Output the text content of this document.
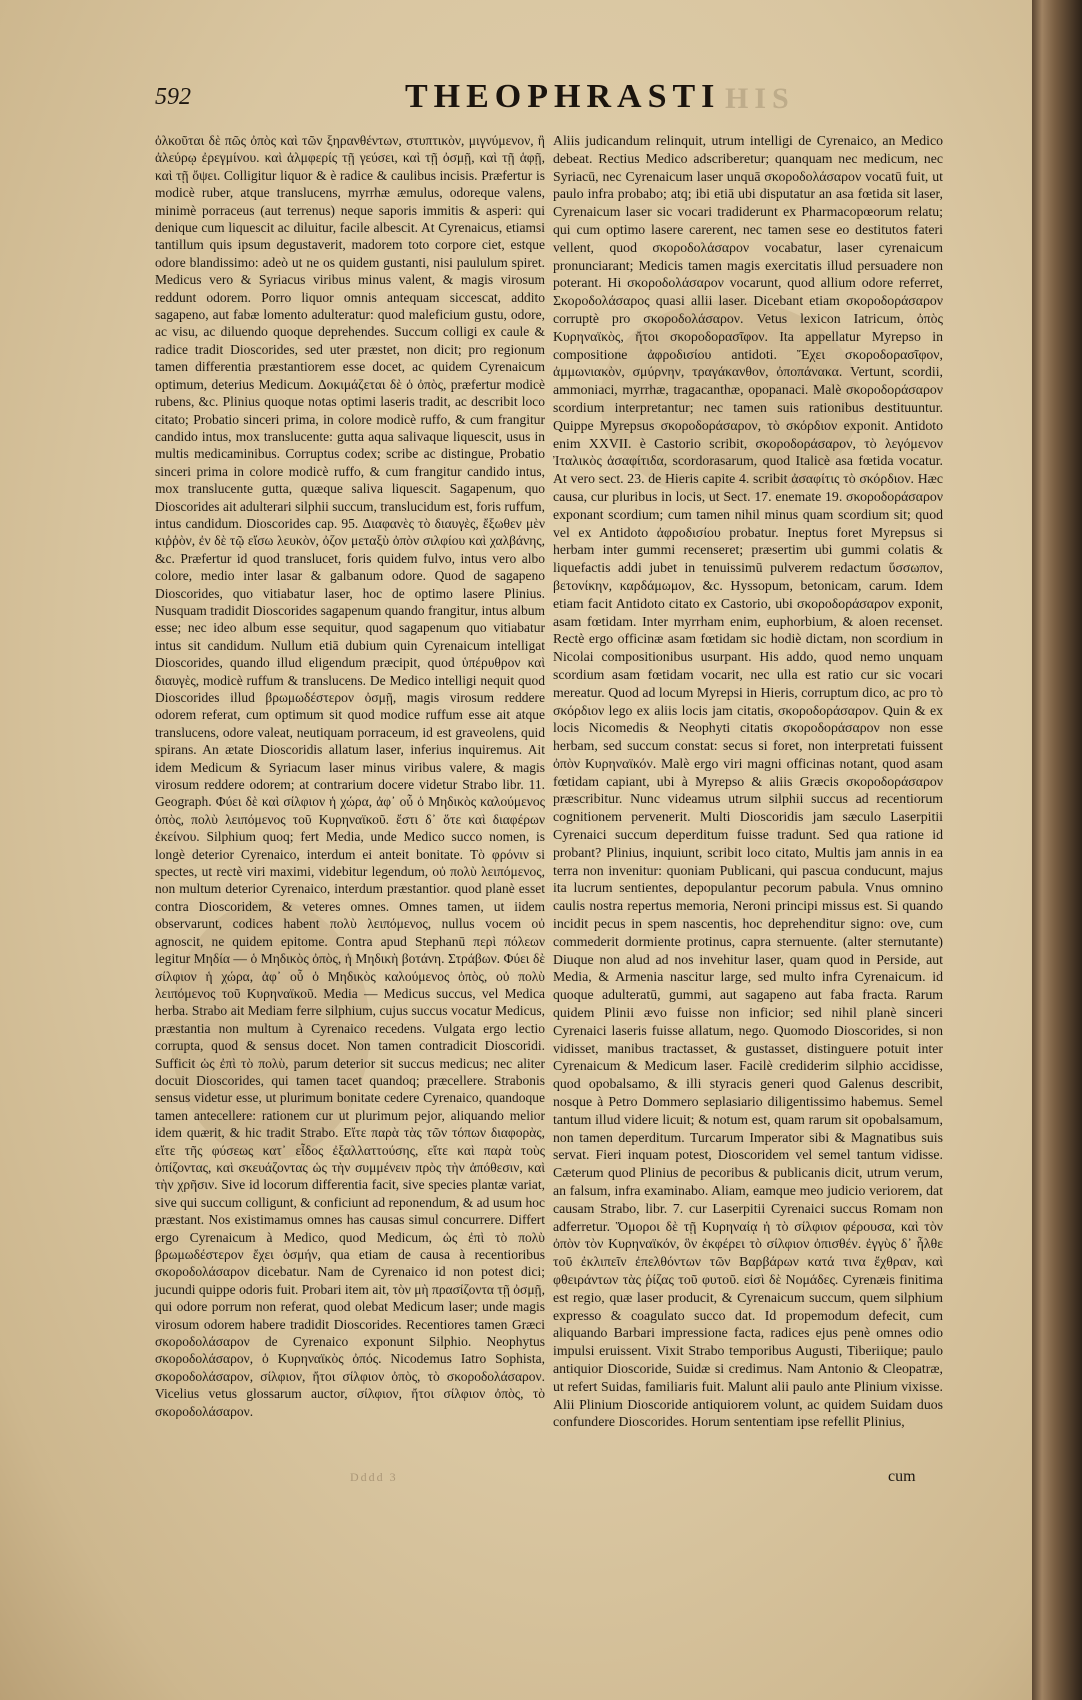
592	THEOPHRASTI HIS
ὀλκοῦται δὲ πῶς ὀπὸς καὶ τῶν ξηρανθέντων, στυπτικὸν, μιγνύμενον, ἢ ἀλεύρῳ ἐρεγμίνου. καὶ ἀλμφερίς τῇ γεύσει, καὶ τῇ ὀσμῇ, καὶ τῇ ἁφῇ, καὶ τῇ ὄψει. Colligitur liquor & è radice & caulibus incisis. Præfertur is modicè ruber, atque translucens, myrrhæ æmulus, odoreque valens, minimè porraceus (aut terrenus) neque saporis immitis & asperi: qui denique cum liquescit ac diluitur, facile albescit. At Cyrenaicus, etiamsi tantillum quis ipsum degustaverit, madorem toto corpore ciet, estque odore blandissimo: adeò ut ne os quidem gustanti, nisi paululum spiret. Medicus vero & Syriacus viribus minus valent, & magis virosum reddunt odorem. Porro liquor omnis antequam siccescat, addito sagapeno, aut fabæ lomento adulteratur: quod maleficium gustu, odore, ac visu, ac diluendo quoque deprehendes. Succum colligi ex caule & radice tradit Dioscorides, sed uter præstet, non dicit; pro regionum tamen differentia præstantiorem esse docet, ac quidem Cyrenaicum optimum, deterius Medicum. Δοκιμάζεται δὲ ὁ ὀπὸς, præfertur modicè rubens, &c. Plinius quoque notas optimi laseris tradit, ac describit loco citato; Probatio sinceri prima, in colore modicè ruffo, & cum frangitur candido intus, mox translucente: gutta aqua salivaque liquescit, usus in multis medicaminibus. Corruptus codex; scribe ac distingue, Probatio sinceri prima in colore modicè ruffo, & cum frangitur candido intus, mox translucente gutta, quæque saliva liquescit. Sagapenum, quo Dioscorides ait adulterari silphii succum, translucidum est, foris ruffum, intus candidum. Dioscorides cap. 95. Διαφανὲς τὸ διαυγὲς, ἔξωθεν μὲν κιῤῥὸν, ἐν δὲ τῷ εἴσω λευκὸν, ὀζον μεταξὺ ὀπὸν σιλφίου καὶ χαλβάνης, &c. Præfertur id quod translucet, foris quidem fulvo, intus vero albo colore, medio inter lasar & galbanum odore. Quod de sagapeno Dioscorides, quo vitiabatur laser, hoc de optimo lasere Plinius. Nusquam tradidit Dioscorides sagapenum quando frangitur, intus album esse; nec ideo album esse sequitur, quod sagapenum quo vitiabatur intus sit candidum. Nullum etiā dubium quin Cyrenaicum intelligat Dioscorides, quando illud eligendum præcipit, quod ὑπέρυθρον καὶ διαυγὲς, modicè ruffum & translucens. De Medico intelligi nequit quod Dioscorides illud βρωμωδέστερον ὀσμῇ, magis virosum reddere odorem referat, cum optimum sit quod modice ruffum esse ait atque translucens, odore valeat, neutiquam porraceum, id est graveolens, quid spirans. An ætate Dioscoridis allatum laser, inferius inquiremus. Ait idem Medicum & Syriacum laser minus viribus valere, & magis virosum reddere odorem; at contrarium docere videtur Strabo libr. 11. Geograph. Φύει δὲ καὶ σίλφιον ἡ χώρα, ἀφ᾽ οὗ ὁ Μηδικὸς καλούμενος ὀπὸς, πολὺ λειπόμενος τοῦ Κυρηναϊκοῦ. ἔστι δ᾽ ὅτε καὶ διαφέρων ἐκείνου. Silphium quoq; fert Media, unde Medico succo nomen, is longè deterior Cyrenaico, interdum ei anteit bonitate. Τὸ φρόνιν si spectes, ut rectè viri maximi, videbitur legendum, οὐ πολὺ λειπόμενος, non multum deterior Cyrenaico, interdum præstantior. quod planè esset contra Dioscoridem, & veteres omnes. Omnes tamen, ut iidem observarunt, codices habent πολὺ λειπόμενος, nullus vocem οὐ agnoscit, ne quidem epitome. Contra apud Stephanū περὶ πόλεων legitur Μηδία — ὁ Μηδικὸς ὀπὸς, ἡ Μηδικὴ βοτάνη. Στράβων. Φύει δὲ σίλφιον ἡ χώρα, ἀφ᾽ οὗ ὁ Μηδικὸς καλούμενος ὀπὸς, οὐ πολὺ λειπόμενος τοῦ Κυρηναϊκοῦ. Media — Medicus succus, vel Medica herba. Strabo ait Mediam ferre silphium, cujus succus vocatur Medicus, præstantia non multum à Cyrenaico recedens. Vulgata ergo lectio corrupta, quod & sensus docet. Non tamen contradicit Dioscoridi. Sufficit ὡς ἐπὶ τὸ πολὺ, parum deterior sit succus medicus; nec aliter docuit Dioscorides, qui tamen tacet quandoq; præcellere. Strabonis sensus videtur esse, ut plurimum bonitate cedere Cyrenaico, quandoque tamen antecellere: rationem cur ut plurimum pejor, aliquando melior idem quærit, & hic tradit Strabo. Εἴτε παρὰ τὰς τῶν τόπων διαφορὰς, εἴτε τῆς φύσεως κατ᾽ εἶδος ἐξαλλαττούσης, εἴτε καὶ παρὰ τοὺς ὀπίζοντας, καὶ σκευάζοντας ὡς τὴν συμμένειν πρὸς τὴν ἀπόθεσιν, καὶ τὴν χρῆσιν. Sive id locorum differentia facit, sive species plantæ variat, sive qui succum colligunt, & conficiunt ad reponendum, & ad usum hoc præstant. Nos existimamus omnes has causas simul concurrere. Differt ergo Cyrenaicum à Medico, quod Medicum, ὡς ἐπὶ τὸ πολὺ βρωμωδέστερον ἔχει ὀσμήν, qua etiam de causa à recentioribus σκοροδολάσαρον dicebatur. Nam de Cyrenaico id non potest dici; jucundi quippe odoris fuit. Probari item ait, τὸν μὴ πρασίζοντα τῇ ὀσμῇ, qui odore porrum non referat, quod olebat Medicum laser; unde magis virosum odorem habere tradidit Dioscorides. Recentiores tamen Græci σκοροδολάσαρον de Cyrenaico exponunt Silphio. Neophytus σκοροδολάσαρον, ὁ Κυρηναϊκὸς ὀπός. Nicodemus Iatro Sophista, σκοροδολάσαρον, σίλφιον, ἤτοι σίλφιον ὀπὸς, τὸ σκοροδολάσαρον. Vicelius vetus glossarum auctor, σίλφιον, ἤτοι σίλφιον ὀπὸς, τὸ σκοροδολάσαρον.
Aliis judicandum relinquit, utrum intelligi de Cyrenaico, an Medico debeat. Rectius Medico adscriberetur; quanquam nec medicum, nec Syriacū, nec Cyrenaicum laser unquā σκοροδολάσαρον vocatū fuit, ut paulo infra probabo; atq; ibi etiā ubi disputatur an asa fœtida sit laser, Cyrenaicum laser sic vocari tradiderunt ex Pharmacopœorum relatu; qui cum optimo lasere carerent, nec tamen sese eo destitutos fateri vellent, quod σκοροδολάσαρον vocabatur, laser cyrenaicum pronunciarant; Medicis tamen magis exercitatis illud persuadere non poterant. Hi σκοροδολάσαρον vocarunt, quod allium odore referret, Σκοροδολάσαρος quasi allii laser. Dicebant etiam σκοροδοράσαρον corruptè pro σκοροδολάσαρον. Vetus lexicon Iatricum, ὀπὸς Κυρηναϊκὸς, ἤτοι σκοροδορασῖφον. Ita appellatur Myrepso in compositione ἀφροδισίου antidoti. Ἔχει σκοροδορασῖφον, ἀμμωνιακὸν, σμύρνην, τραγάκανθον, ὀποπάνακα. Vertunt, scordii, ammoniaci, myrrhæ, tragacanthæ, opopanaci. Malè σκοροδοράσαρον scordium interpretantur; nec tamen suis rationibus destituuntur. Quippe Myrepsus σκοροδοράσαρον, τὸ σκόρδιον exponit. Antidoto enim XXVII. è Castorio scribit, σκοροδοράσαρον, τὸ λεγόμενον Ἰταλικὸς ἀσαφίτιδα, scordorasarum, quod Italicè asa fœtida vocatur. At vero sect. 23. de Hieris capite 4. scribit ἀσαφίτις τὸ σκόρδιον. Hæc causa, cur pluribus in locis, ut Sect. 17. enemate 19. σκοροδοράσαρον exponant scordium; cum tamen nihil minus quam scordium sit; quod vel ex Antidoto ἀφροδισίου probatur. Ineptus foret Myrepsus si herbam inter gummi recenseret; præsertim ubi gummi colatis & liquefactis addi jubet in tenuissimū pulverem redactum ὕσσωπον, βετονίκην, καρδάμωμον, &c. Hyssopum, betonicam, carum. Idem etiam facit Antidoto citato ex Castorio, ubi σκοροδοράσαρον exponit, asam fœtidam. Inter myrrham enim, euphorbium, & aloen recenset. Rectè ergo officinæ asam fœtidam sic hodiè dictam, non scordium in Nicolai compositionibus usurpant. His addo, quod nemo unquam scordium asam fœtidam vocarit, nec ulla est ratio cur sic vocari mereatur. Quod ad locum Myrepsi in Hieris, corruptum dico, ac pro τὸ σκόρδιον lego ex aliis locis jam citatis, σκοροδοράσαρον. Quin & ex locis Nicomedis & Neophyti citatis σκοροδοράσαρον non esse herbam, sed succum constat: secus si foret, non interpretati fuissent ὀπὸν Κυρηναϊκόν. Malè ergo viri magni officinas notant, quod asam fœtidam capiant, ubi à Myrepso & aliis Græcis σκοροδοράσαρον præscribitur. Nunc videamus utrum silphii succus ad recentiorum cognitionem pervenerit. Multi Dioscoridis jam sæculo Laserpitii Cyrenaici succum deperditum fuisse tradunt. Sed qua ratione id probant? Plinius, inquiunt, scribit loco citato, Multis jam annis in ea terra non invenitur: quoniam Publicani, qui pascua conducunt, majus ita lucrum sentientes, depopulantur pecorum pabula. Vnus omnino caulis nostra repertus memoria, Neroni principi missus est. Si quando incidit pecus in spem nascentis, hoc deprehenditur signo: ove, cum commederit dormiente protinus, capra sternuente. (alter sternutante) Diuque non alud ad nos invehitur laser, quam quod in Perside, aut Media, & Armenia nascitur large, sed multo infra Cyrenaicum. id quoque adulteratū, gummi, aut sagapeno aut faba fracta. Rarum quidem Plinii ævo fuisse non inficior; sed nihil planè sinceri Cyrenaici laseris fuisse allatum, nego. Quomodo Dioscorides, si non vidisset, manibus tractasset, & gustasset, distinguere potuit inter Cyrenaicum & Medicum laser. Facilè crediderim silphio accidisse, quod opobalsamo, & illi styracis generi quod Galenus describit, nosque à Petro Dommero seplasiario diligentissimo habemus. Semel tantum illud videre licuit; & notum est, quam rarum sit opobalsamum, non tamen deperditum. Turcarum Imperator sibi & Magnatibus suis servat. Fieri inquam potest, Dioscoridem vel semel tantum vidisse. Cæterum quod Plinius de pecoribus & publicanis dicit, utrum verum, an falsum, infra examinabo. Aliam, eamque meo judicio veriorem, dat causam Strabo, libr. 7. cur Laserpitii Cyrenaici succus Romam non adferretur. Ὅμοροι δὲ τῇ Κυρηναίᾳ ἡ τὸ σίλφιον φέρουσα, καὶ τὸν ὀπὸν τὸν Κυρηναϊκόν, ὃν ἐκφέρει τὸ σίλφιον ὀπισθέν. ἐγγὺς δ᾽ ἦλθε τοῦ ἐκλιπεῖν ἐπελθόντων τῶν Βαρβάρων κατά τινα ἔχθραν, καὶ φθειράντων τὰς ῥίζας τοῦ φυτοῦ. εἰσὶ δὲ Νομάδες. Cyrenæis finitima est regio, quæ laser producit, & Cyrenaicum succum, quem silphium expresso & coagulato succo dat. Id propemodum defecit, cum aliquando Barbari impressione facta, radices ejus penè omnes odio impulsi eruissent. Vixit Strabo temporibus Augusti, Tiberiique; paulo antiquior Dioscoride, Suidæ si credimus. Nam Antonio & Cleopatræ, ut refert Suidas, familiaris fuit. Malunt alii paulo ante Plinium vixisse. Alii Plinium Dioscoride antiquiorem volunt, ac quidem Suidam duos confundere Dioscorides. Horum sententiam ipse refellit Plinius,
Dddd 3	cum
